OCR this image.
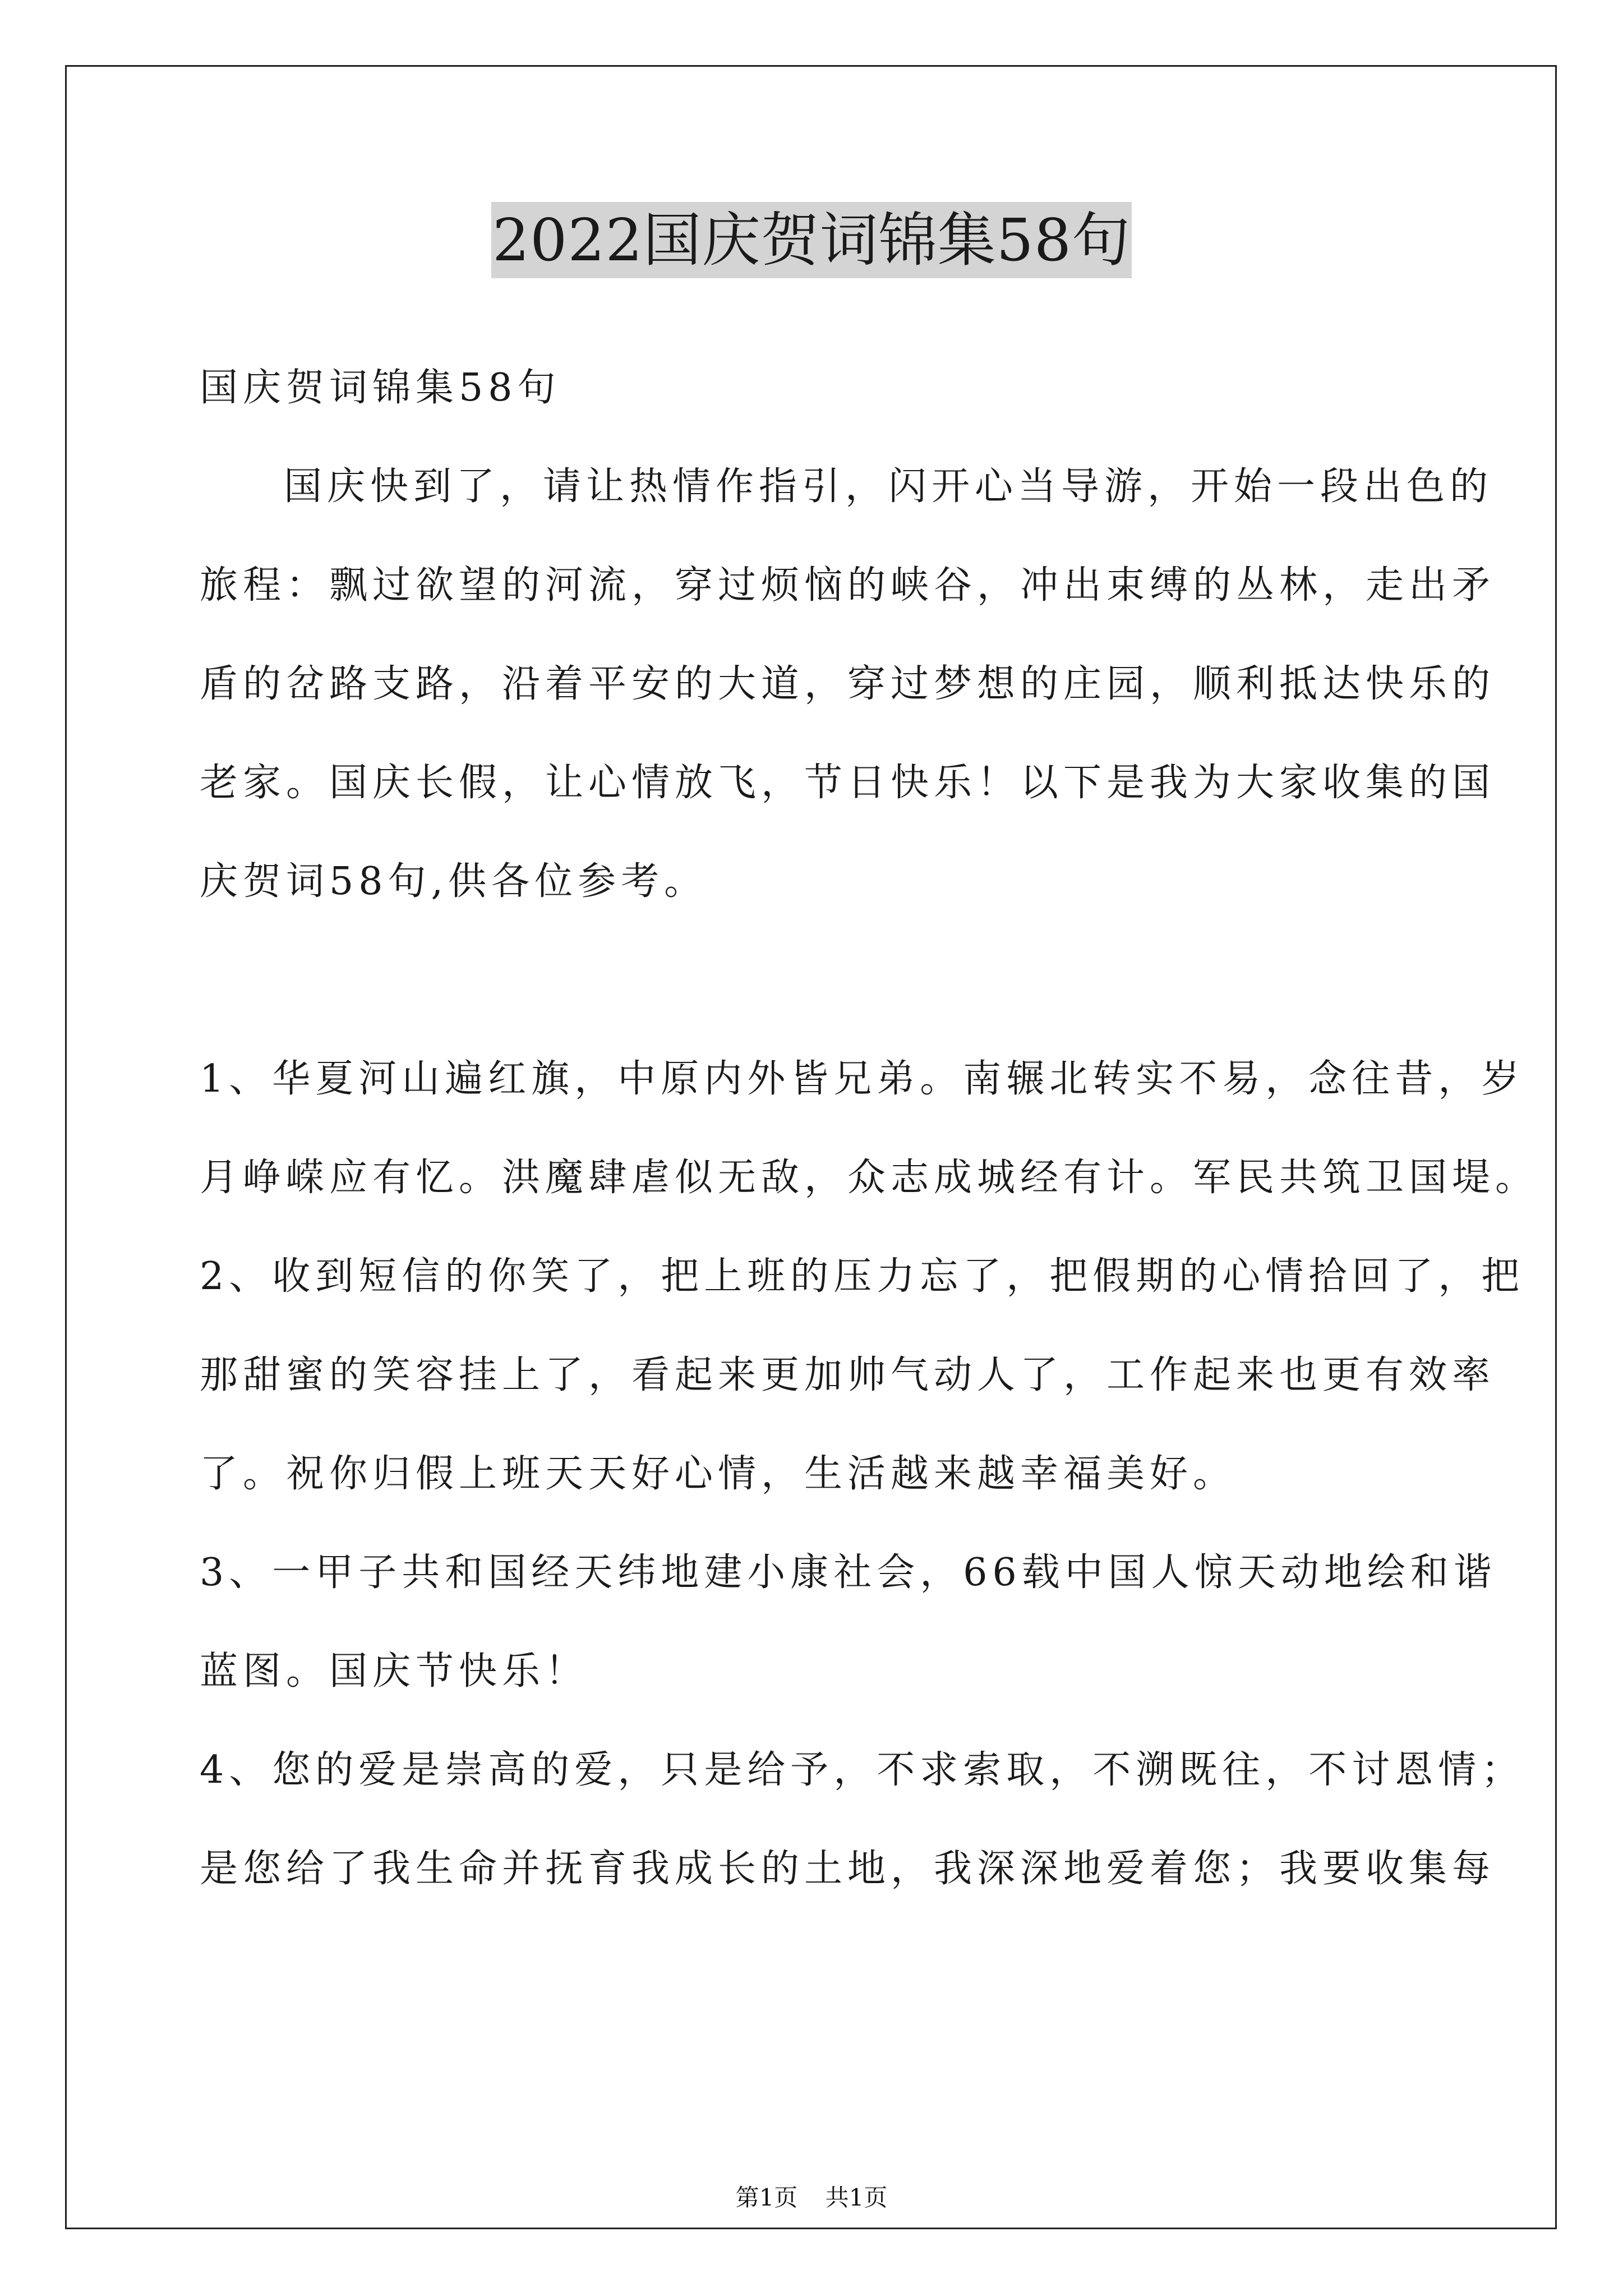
2022国庆贺词锦集58句
国庆贺词锦集58句
国庆快到了，请让热情作指引，闪开心当导游，开始一段出色的
旅程：飘过欲望的河流，穿过烦恼的峡谷，冲出束缚的丛林，走出矛
盾的岔路支路，沿着平安的大道，穿过梦想的庄园，顺利抵达快乐的
老家。国庆长假，让心情放飞，节日快乐！以下是我为大家收集的国
庆贺词58句,供各位参考。
1、华夏河山遍红旗，中原内外皆兄弟。南辗北转实不易，念往昔，岁
月峥嵘应有忆。洪魔肆虐似无敌，众志成城经有计。军民共筑卫国堤。
2、收到短信的你笑了，把上班的压力忘了，把假期的心情拾回了，把
那甜蜜的笑容挂上了，看起来更加帅气动人了，工作起来也更有效率
了。祝你归假上班天天好心情，生活越来越幸福美好。
3、一甲子共和国经天纬地建小康社会，66载中国人惊天动地绘和谐
蓝图。国庆节快乐！
4、您的爱是崇高的爱，只是给予，不求索取，不溯既往，不讨恩情；
是您给了我生命并抚育我成长的土地，我深深地爱着您；我要收集每
第1页 共1页
